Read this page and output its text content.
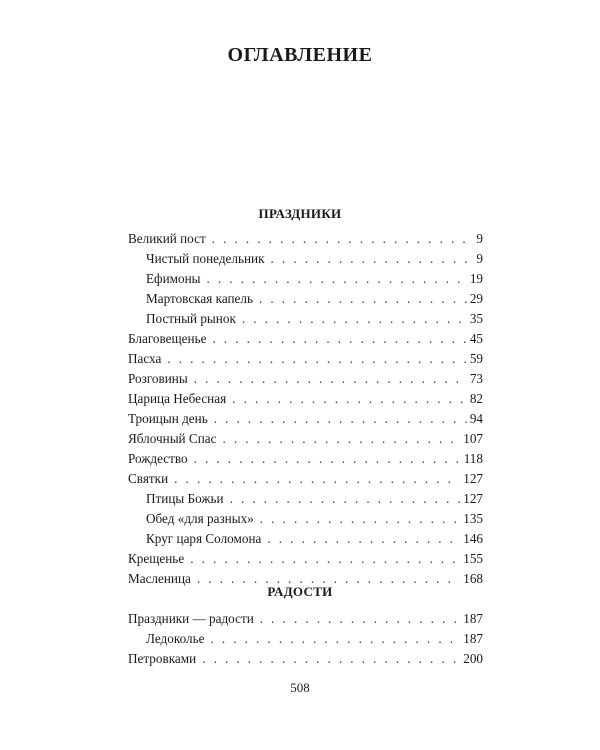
ОГЛАВЛЕНИЕ
ПРАЗДНИКИ
Великий пост . . .	9
Чистый понедельник . . .	9
Ефимоны . . .	19
Мартовская капель . . .	29
Постный рынок . . .	35
Благовещенье . . .	45
Пасха . . .	59
Розговины . . .	73
Царица Небесная . . .	82
Троицын день . . .	94
Яблочный Спас . . .	107
Рождество . . .	118
Святки . . .	127
Птицы Божьи . . .	127
Обед «для разных» . . .	135
Круг царя Соломона . . .	146
Крещенье . . .	155
Масленица . . .	168
РАДОСТИ
Праздники — радости . . .	187
Ледоколье . . .	187
Петровками . . .	200
508
